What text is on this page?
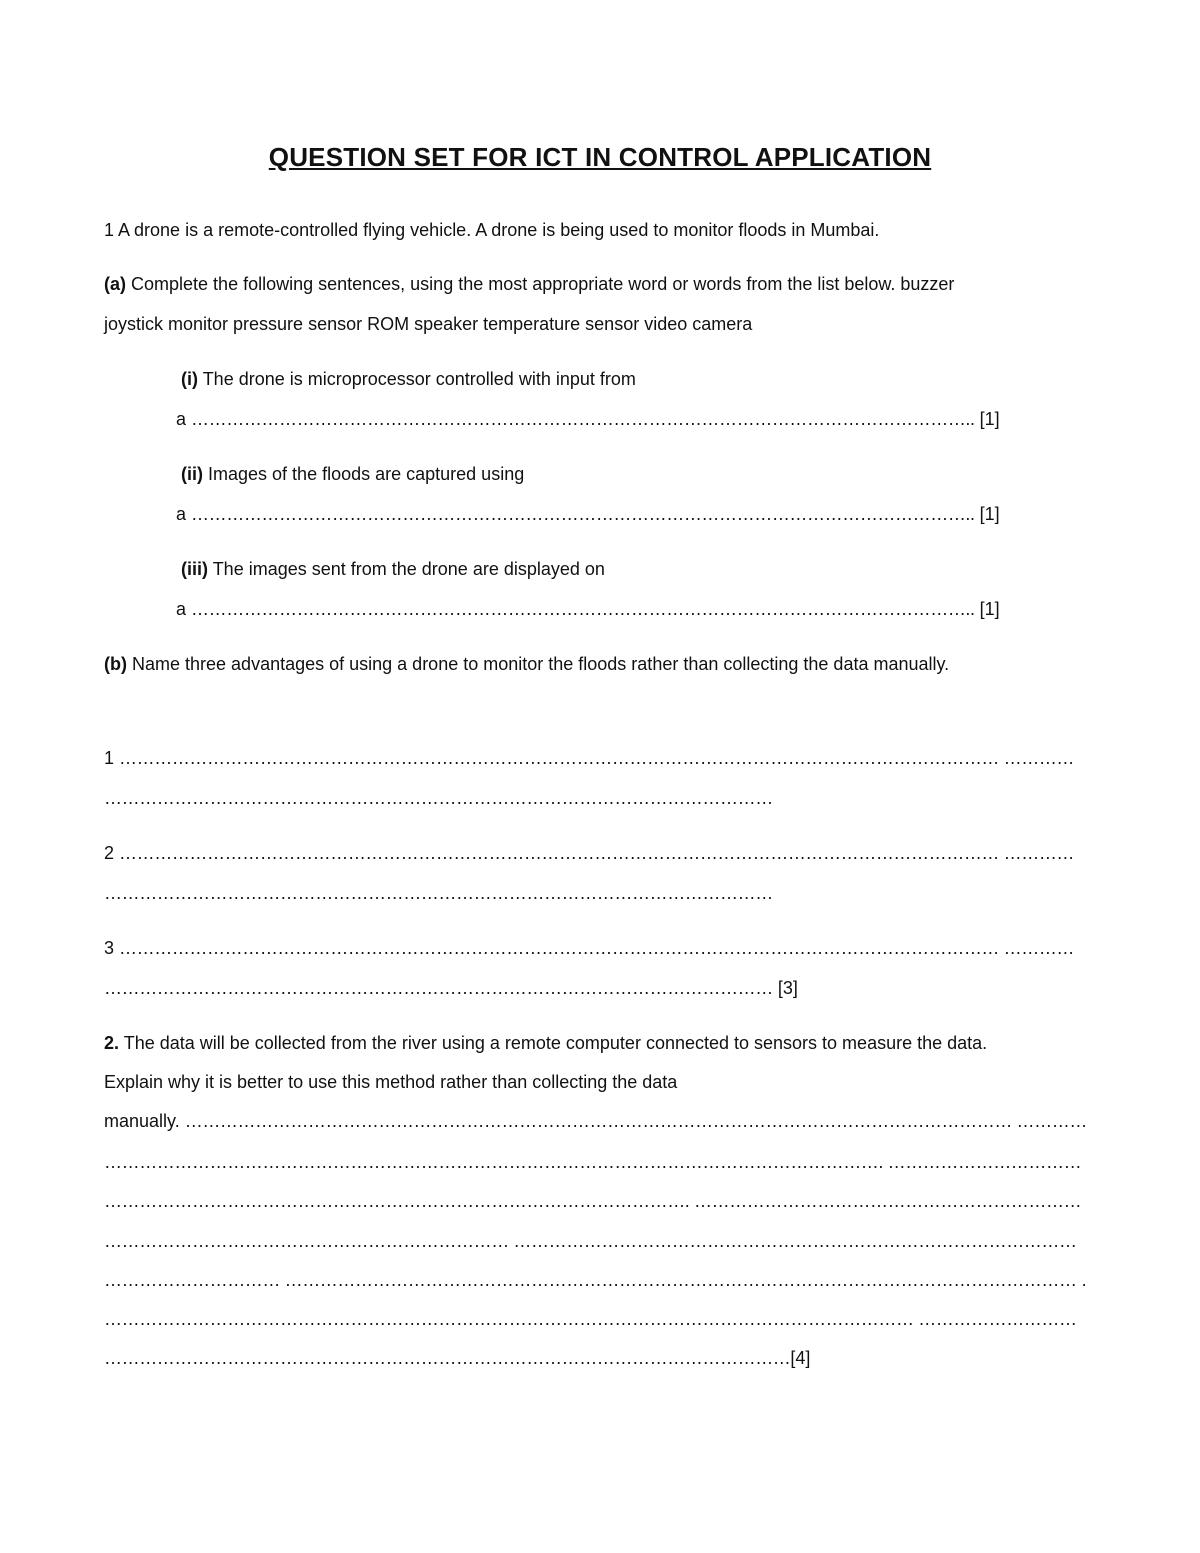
QUESTION SET FOR ICT IN CONTROL APPLICATION
1 A drone is a remote-controlled flying vehicle. A drone is being used to monitor floods in Mumbai.
(a) Complete the following sentences, using the most appropriate word or words from the list below. buzzer
joystick monitor pressure sensor ROM speaker temperature sensor video camera
(i) The drone is microprocessor controlled with input from
a …………………………………………………………………………………………………………………….. [1]
(ii) Images of the floods are captured using
a …………………………………………………………………………………………………………………….. [1]
(iii) The images sent from the drone are displayed on
a …………………………………………………………………………………………………………………….. [1]
(b) Name three advantages of using a drone to monitor the floods rather than collecting the data manually.
1 …………………………………………………………………………………………………………………………………… …………
……………………………………………………………………………………………………
2 …………………………………………………………………………………………………………………………………… …………
……………………………………………………………………………………………………
3 …………………………………………………………………………………………………………………………………… …………
…………………………………………………………………………………………………… [3]
2. The data will be collected from the river using a remote computer connected to sensors to measure the data.
Explain why it is better to use this method rather than collecting the data
manually. …………………………………………………………………………………………………………………………… …………
……………………………………………………………………………………………………………………. ……………………………
………………………………………………………………………………………. …………………………………………………………
…………………………………………………………… ……………………………………………………………………………………
………………………… ……………………………………………………………………………………………………………………… .
………………………………………………………………………………………………………………………… ………………………
………………………………………………………………………………………………………[4]
